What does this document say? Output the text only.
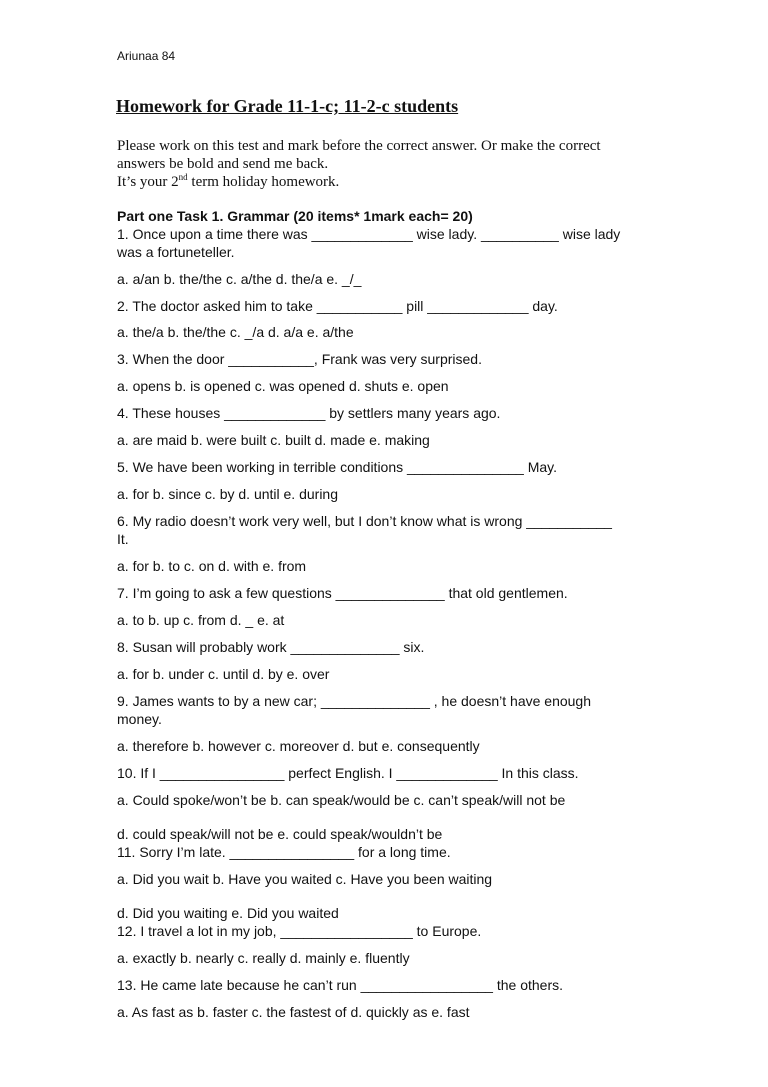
Ariunaa 84
Homework for Grade 11-1-c; 11-2-c students
Please work on this test and mark before the correct answer. Or make the correct
answers be bold and send me back.
It’s your 2nd term holiday homework.
Part one Task 1. Grammar (20 items* 1mark each= 20)
1. Once upon a time there was _____________ wise lady. __________ wise lady
was a fortuneteller.
a. a/an b. the/the c. a/the d. the/a e. _/_
2. The doctor asked him to take ___________ pill _____________ day.
a. the/a b. the/the c. _/a d. a/a e. a/the
3. When the door ___________, Frank was very surprised.
a. opens b. is opened c. was opened d. shuts e. open
4. These houses _____________ by settlers many years ago.
a. are maid b. were built c. built d. made e. making
5. We have been working in terrible conditions _______________ May.
a. for b. since c. by d. until e. during
6. My radio doesn’t work very well, but I don’t know what is wrong ___________
It.
a. for b. to c. on d. with e. from
7. I’m going to ask a few questions ______________ that old gentlemen.
a. to b. up c. from d. _ e. at
8. Susan will probably work ______________ six.
a. for b. under c. until d. by e. over
9. James wants to by a new car; ______________ , he doesn’t have enough
money.
a. therefore b. however c. moreover d. but e. consequently
10. If I ________________ perfect English. I _____________ In this class.
a. Could spoke/won’t be b. can speak/would be c. can’t speak/will not be
d. could speak/will not be e. could speak/wouldn’t be
11. Sorry I’m late. ________________ for a long time.
a. Did you wait b. Have you waited c. Have you been waiting
d. Did you waiting e. Did you waited
12. I travel a lot in my job, _________________ to Europe.
a. exactly b. nearly c. really d. mainly e. fluently
13. He came late because he can’t run _________________ the others.
a. As fast as b. faster c. the fastest of d. quickly as e. fast
